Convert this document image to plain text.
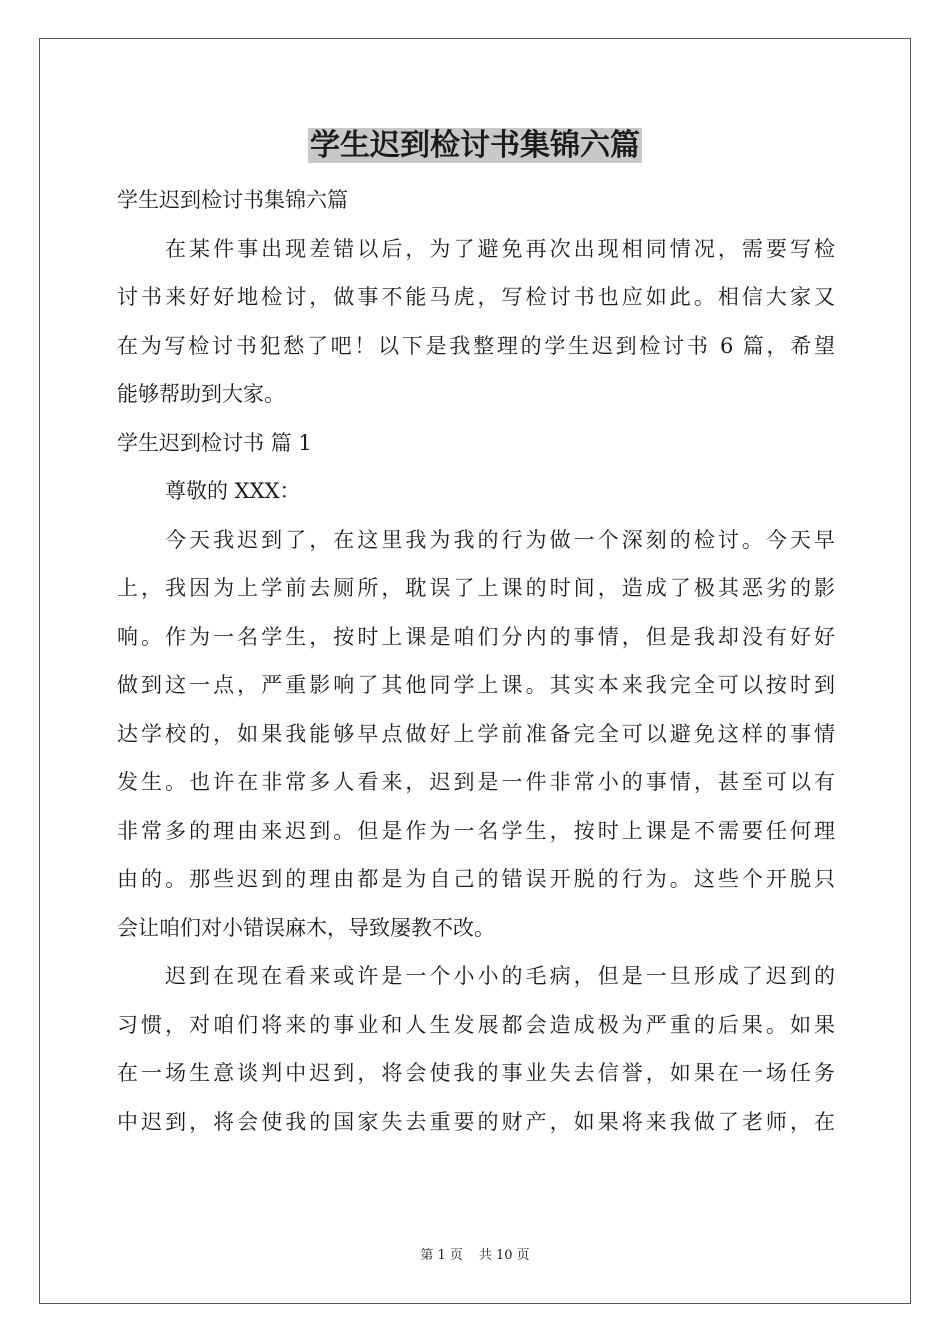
学生迟到检讨书集锦六篇
学生迟到检讨书集锦六篇
在某件事出现差错以后，为了避免再次出现相同情况，需要写检
讨书来好好地检讨，做事不能马虎，写检讨书也应如此。相信大家又
在为写检讨书犯愁了吧！以下是我整理的学生迟到检讨书 6 篇，希望
能够帮助到大家。
学生迟到检讨书 篇 1
尊敬的 XXX：
今天我迟到了，在这里我为我的行为做一个深刻的检讨。今天早
上，我因为上学前去厕所，耽误了上课的时间，造成了极其恶劣的影
响。作为一名学生，按时上课是咱们分内的事情，但是我却没有好好
做到这一点，严重影响了其他同学上课。其实本来我完全可以按时到
达学校的，如果我能够早点做好上学前准备完全可以避免这样的事情
发生。也许在非常多人看来，迟到是一件非常小的事情，甚至可以有
非常多的理由来迟到。但是作为一名学生，按时上课是不需要任何理
由的。那些迟到的理由都是为自己的错误开脱的行为。这些个开脱只
会让咱们对小错误麻木，导致屡教不改。
迟到在现在看来或许是一个小小的毛病，但是一旦形成了迟到的
习惯，对咱们将来的事业和人生发展都会造成极为严重的后果。如果
在一场生意谈判中迟到，将会使我的事业失去信誉，如果在一场任务
中迟到，将会使我的国家失去重要的财产，如果将来我做了老师，在
第 1 页 共 10 页
